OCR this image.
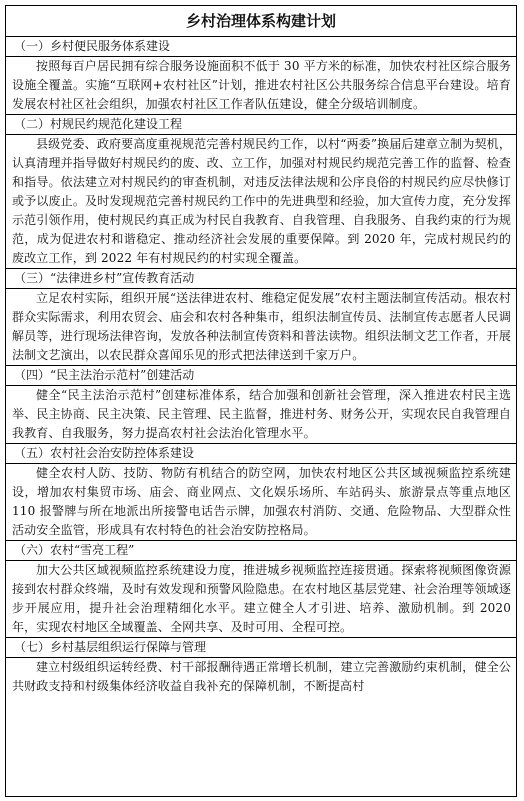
乡村治理体系构建计划
（一）乡村便民服务体系建设
按照每百户居民拥有综合服务设施面积不低于 30 平方米的标准，加快农村社区综合服务设施全覆盖。实施“互联网+农村社区”计划，推进农村社区公共服务综合信息平台建设。培育发展农村社区社会组织，加强农村社区工作者队伍建设，健全分级培训制度。
（二）村规民约规范化建设工程
县级党委、政府要高度重视规范完善村规民约工作，以村“两委”换届后建章立制为契机，认真清理并指导做好村规民约的废、改、立工作，加强对村规民约规范完善工作的监督、检查和指导。依法建立对村规民约的审查机制，对违反法律法规和公序良俗的村规民约应尽快修订或予以废止。及时发现规范完善村规民约工作中的先进典型和经验，加大宣传力度，充分发挥示范引领作用，使村规民约真正成为村民自我教育、自我管理、自我服务、自我约束的行为规范，成为促进农村和谐稳定、推动经济社会发展的重要保障。到 2020 年，完成村规民约的废改立工作，到 2022 年有村规民约的村实现全覆盖。
（三）“法律进乡村”宣传教育活动
立足农村实际，组织开展“送法律进农村、维稳定促发展”农村主题法制宣传活动。根农村群众实际需求，利用农贸会、庙会和农村各种集市，组织法制宣传员、法制宣传志愿者人民调解员等，进行现场法律咨询，发放各种法制宣传资料和普法读物。组织法制文艺工作者，开展法制文艺演出，以农民群众喜闻乐见的形式把法律送到千家万户。
（四）“民主法治示范村”创建活动
健全“民主法治示范村”创建标准体系，结合加强和创新社会管理，深入推进农村民主选举、民主协商、民主决策、民主管理、民主监督，推进村务、财务公开，实现农民自我管理自我教育、自我服务，努力提高农村社会法治化管理水平。
（五）农村社会治安防控体系建设
健全农村人防、技防、物防有机结合的防空网，加快农村地区公共区域视频监控系统建设，增加农村集贸市场、庙会、商业网点、文化娱乐场所、车站码头、旅游景点等重点地区 110 报警牌与所在地派出所接警电话告示牌，加强农村消防、交通、危险物品、大型群众性活动安全监管，形成具有农村特色的社会治安防控格局。
（六）农村“雪亮工程”
加大公共区域视频监控系统建设力度，推进城乡视频监控连接贯通。探索将视频图像资源接到农村群众终端，及时有效发现和预警风险隐患。在农村地区基层党建、社会治理等领域逐步开展应用，提升社会治理精细化水平。建立健全人才引进、培养、激励机制。到 2020 年，实现农村地区全域覆盖、全网共享、及时可用、全程可控。
（七）乡村基层组织运行保障与管理
建立村级组织运转经费、村干部报酬待遇正常增长机制，建立完善激励约束机制，健全公共财政支持和村级集体经济收益自我补充的保障机制，不断提高村
